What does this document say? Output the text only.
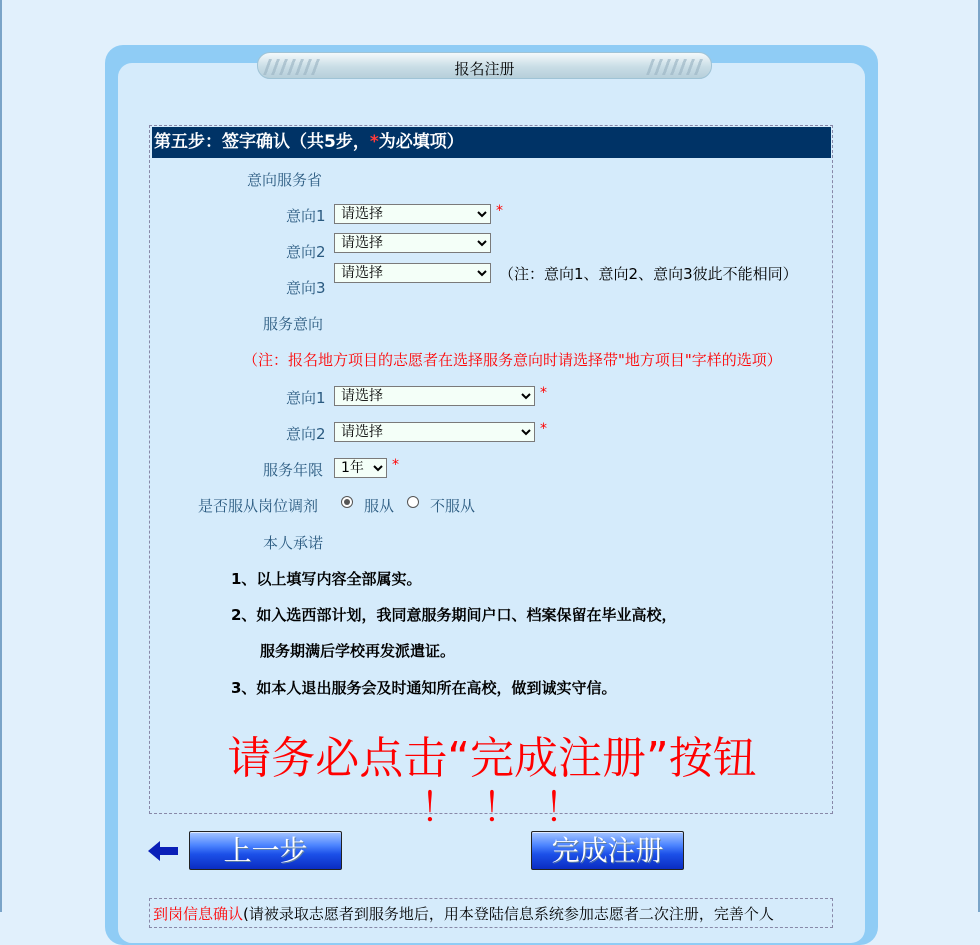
报名注册
第五步：签字确认（共5步，*为必填项）
意向服务省
意向1
请选择	*
意向2
请选择
意向3
请选择
（注：意向1、意向2、意向3彼此不能相同）
服务意向
（注：报名地方项目的志愿者在选择服务意向时请选择带"地方项目"字样的选项）
意向1
请选择	*
意向2
请选择	*
服务年限
1年	*
是否服从岗位调剂	服从 不服从
本人承诺
1、以上填写内容全部属实。
2、如入选西部计划，我同意服务期间户口、档案保留在毕业高校，
服务期满后学校再发派遣证。
3、如本人退出服务会及时通知所在高校，做到诚实守信。
请务必点击“完成注册”按钮
！！！
上一步	完成注册
到岗信息确认(请被录取志愿者到服务地后，用本登陆信息系统参加志愿者二次注册，完善个人
